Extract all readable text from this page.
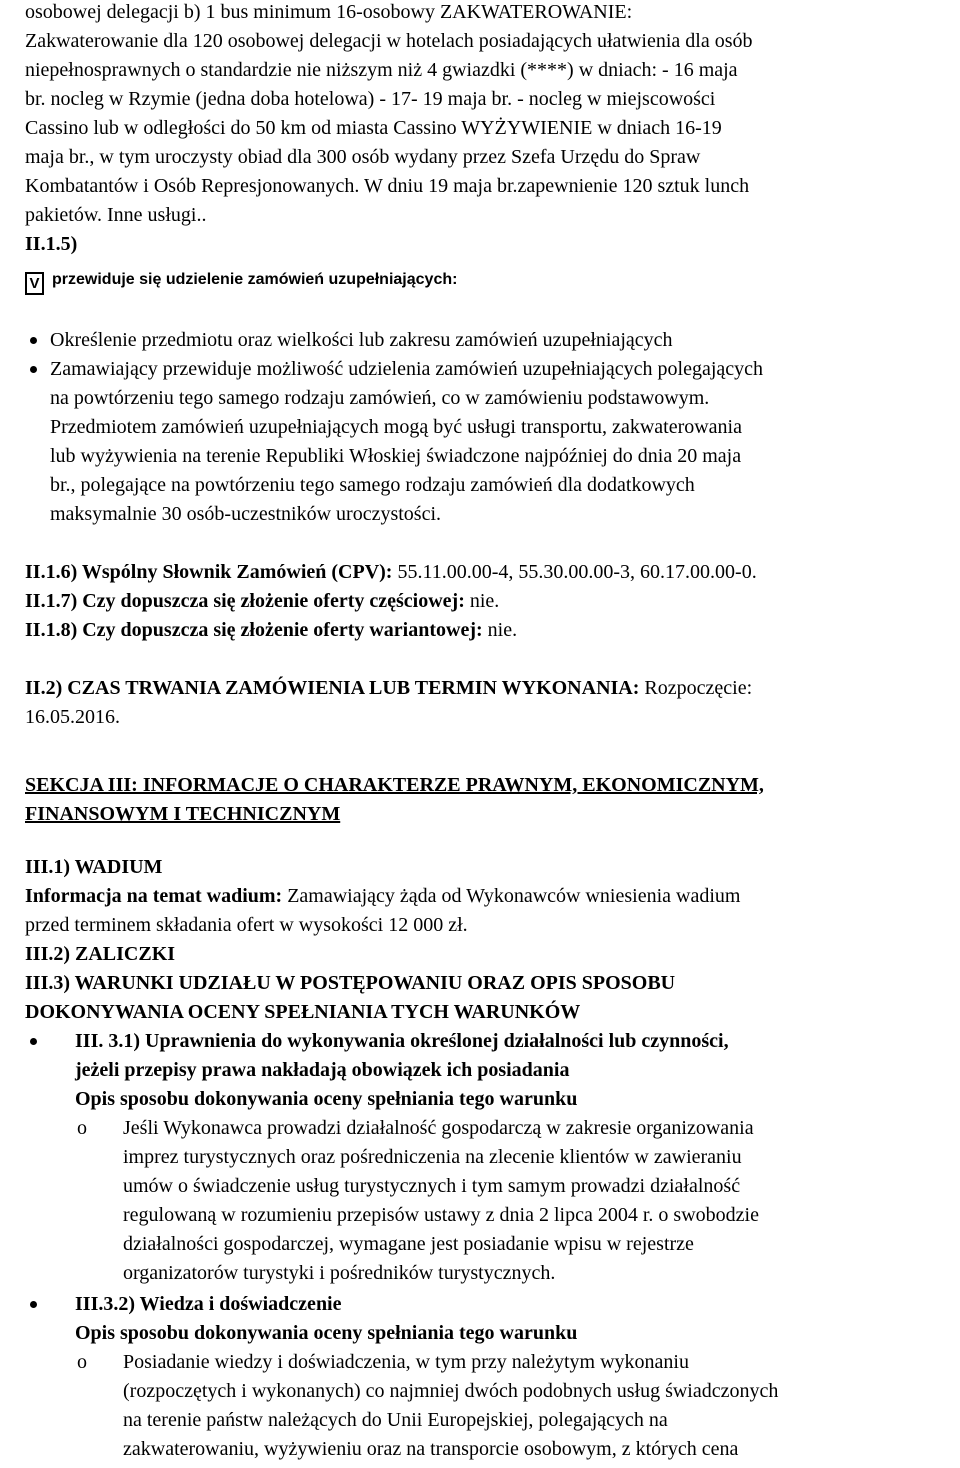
osobowej delegacji b) 1 bus minimum 16-osobowy ZAKWATEROWANIE:

Zakwaterowanie dla 120 osobowej delegacji w hotelach posiadających ułatwienia dla osób

niepełnosprawnych o standardzie nie niższym niż 4 gwiazdki (****) w dniach: - 16 maja

br. nocleg w Rzymie (jedna doba hotelowa) - 17- 19 maja br. - nocleg w miejscowości

Cassino lub w odległości do 50 km od miasta Cassino WYŻYWIENIE w dniach 16-19

maja br., w tym uroczysty obiad dla 300 osób wydany przez Szefa Urzędu do Spraw

Kombatantów i Osób Represjonowanych. W dniu 19 maja br.zapewnienie 120 sztuk lunch

pakietów. Inne usługi..

II.1.5)

V przewiduje się udzielenie zamówień uzupełniających:

Określenie przedmiotu oraz wielkości lub zakresu zamówień uzupełniających

Zamawiający przewiduje możliwość udzielenia zamówień uzupełniających polegających

na powtórzeniu tego samego rodzaju zamówień, co w zamówieniu podstawowym.

Przedmiotem zamówień uzupełniających mogą być usługi transportu, zakwaterowania

lub wyżywienia na terenie Republiki Włoskiej świadczone najpóźniej do dnia 20 maja

br., polegające na powtórzeniu tego samego rodzaju zamówień dla dodatkowych

maksymalnie 30 osób-uczestników uroczystości.

II.1.6) Wspólny Słownik Zamówień (CPV): 55.11.00.00-4, 55.30.00.00-3, 60.17.00.00-0.

II.1.7) Czy dopuszcza się złożenie oferty częściowej: nie.

II.1.8) Czy dopuszcza się złożenie oferty wariantowej: nie.

II.2) CZAS TRWANIA ZAMÓWIENIA LUB TERMIN WYKONANIA: Rozpoczęcie:

16.05.2016.

SEKCJA III: INFORMACJE O CHARAKTERZE PRAWNYM, EKONOMICZNYM,

FINANSOWYM I TECHNICZNYM

III.1) WADIUM

Informacja na temat wadium: Zamawiający żąda od Wykonawców wniesienia wadium

przed terminem składania ofert w wysokości 12 000 zł.

III.2) ZALICZKI

III.3) WARUNKI UDZIAŁU W POSTĘPOWANIU ORAZ OPIS SPOSOBU

DOKONYWANIA OCENY SPEŁNIANIA TYCH WARUNKÓW

III. 3.1) Uprawnienia do wykonywania określonej działalności lub czynności,

jeżeli przepisy prawa nakładają obowiązek ich posiadania

Opis sposobu dokonywania oceny spełniania tego warunku

o Jeśli Wykonawca prowadzi działalność gospodarczą w zakresie organizowania

imprez turystycznych oraz pośredniczenia na zlecenie klientów w zawieraniu

umów o świadczenie usług turystycznych i tym samym prowadzi działalność

regulowaną w rozumieniu przepisów ustawy z dnia 2 lipca 2004 r. o swobodzie

działalności gospodarczej, wymagane jest posiadanie wpisu w rejestrze

organizatorów turystyki i pośredników turystycznych.

III.3.2) Wiedza i doświadczenie

Opis sposobu dokonywania oceny spełniania tego warunku

o Posiadanie wiedzy i doświadczenia, w tym przy należytym wykonaniu

(rozpoczętych i wykonanych) co najmniej dwóch podobnych usług świadczonych

na terenie państw należących do Unii Europejskiej, polegających na

zakwaterowaniu, wyżywieniu oraz na transporcie osobowym, z których cena
